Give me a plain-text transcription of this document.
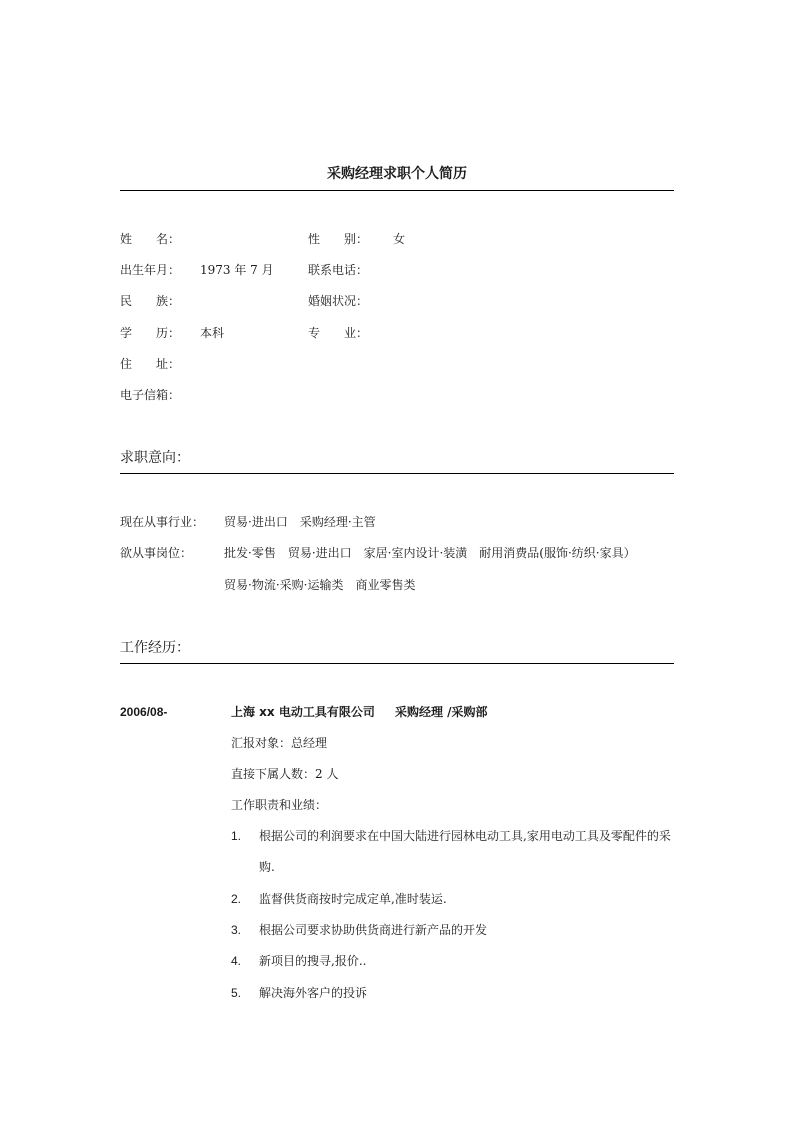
采购经理求职个人简历
姓　　名：	性　　别： 女
出生年月： 1973 年 7 月	联系电话：
民　　族：	婚姻状况：
学　　历： 本科	专　　业：
住　　址：
电子信箱：
求职意向：
现在从事行业： 贸易·进出口　采购经理·主管
欲从事岗位：	批发·零售　贸易·进出口　家居·室内设计·装潢　耐用消费品(服饰·纺织·家具）
贸易·物流·采购·运输类　商业零售类
工作经历：
2006/08-	上海 xx 电动工具有限公司 采购经理 /采购部
汇报对象：总经理
直接下属人数：2 人
工作职责和业绩：
1. 根据公司的利润要求在中国大陆进行园林电动工具,家用电动工具及零配件的采
购.
2. 监督供货商按时完成定单,准时装运.
3. 根据公司要求协助供货商进行新产品的开发
4. 新项目的搜寻,报价..
5. 解决海外客户的投诉
